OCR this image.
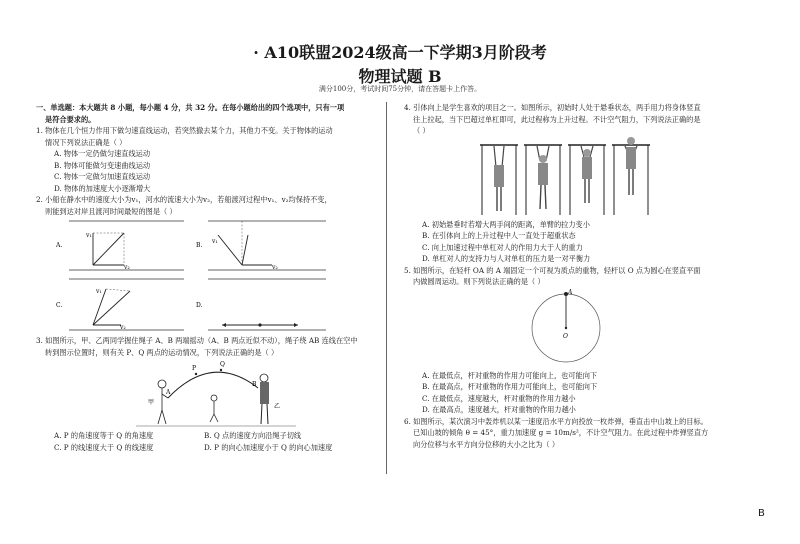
· A10联盟2024级高一下学期3月阶段考
物理试题 B
满分100分，考试时间75分钟，请在答题卡上作答。

一、单选题：本大题共 8 小题，每小题 4 分，共 32 分。在每小题给出的四个选项中，只有一项

是符合要求的。

1. 物体在几个恒力作用下做匀速直线运动，若突然撤去某个力，其他力不变。关于物体的运动

情况下列说法正确是（ ）

A. 物体一定仍做匀速直线运动

B. 物体可能做匀变速曲线运动

C. 物体一定做匀加速直线运动

D. 物体的加速度大小逐渐增大

2. 小船在静水中的速度大小为v₁，河水的流速大小为v₂，若船渡河过程中v₁、v₂均保持不变，

则能到达对岸且渡河时间最短的图是（ ）

A.
v₁
v₂
B.
v₁
v₂
C.
v₁
v₂
D.

3. 如图所示，甲、乙两同学握住绳子 A、B 两端摇动（A、B 两点近似不动），绳子绕 AB 连线在空中

转到图示位置时，则有关 P、Q 两点的运动情况，下列说法正确的是（ ）

甲
A
乙
B
P
Q
A. P 的角速度等于 Q 的角速度	B. Q 点的速度方向沿绳子切线
C. P 的线速度大于 Q 的线速度	D. P 的向心加速度小于 Q 的向心加速度

4. 引体向上是学生喜欢的项目之一。如图所示，初始时人处于悬垂状态，两手用力将身体竖直

往上拉起，当下巴超过单杠即可，此过程称为上升过程。不计空气阻力，下列说法正确的是

（ ）

A. 初始悬垂时若增大两手间的距离，单臂的拉力变小

B. 在引体向上的上升过程中人一直处于超重状态

C. 向上加速过程中单杠对人的作用力大于人的重力

D. 单杠对人的支持力与人对单杠的压力是一对平衡力

5. 如图所示，在轻杆 OA 的 A 端固定一个可视为质点的重物，轻杆以 O 点为圆心在竖直平面

内做圆周运动。则下列说法正确的是（ ）

A
O

A. 在最低点，杆对重物的作用力可能向上，也可能向下

B. 在最高点，杆对重物的作用力可能向上，也可能向下

C. 在最低点，速度越大，杆对重物的作用力越小

D. 在最高点，速度越大，杆对重物的作用力越小

6. 如图所示，某次演习中轰炸机以某一速度沿水平方向投放一枚炸弹，垂直击中山坡上的目标。

已知山坡的倾角 θ = 45°，重力加速度 g = 10m/s²，不计空气阻力。在此过程中炸弹竖直方

向分位移与水平方向分位移的大小之比为（ ）

B
